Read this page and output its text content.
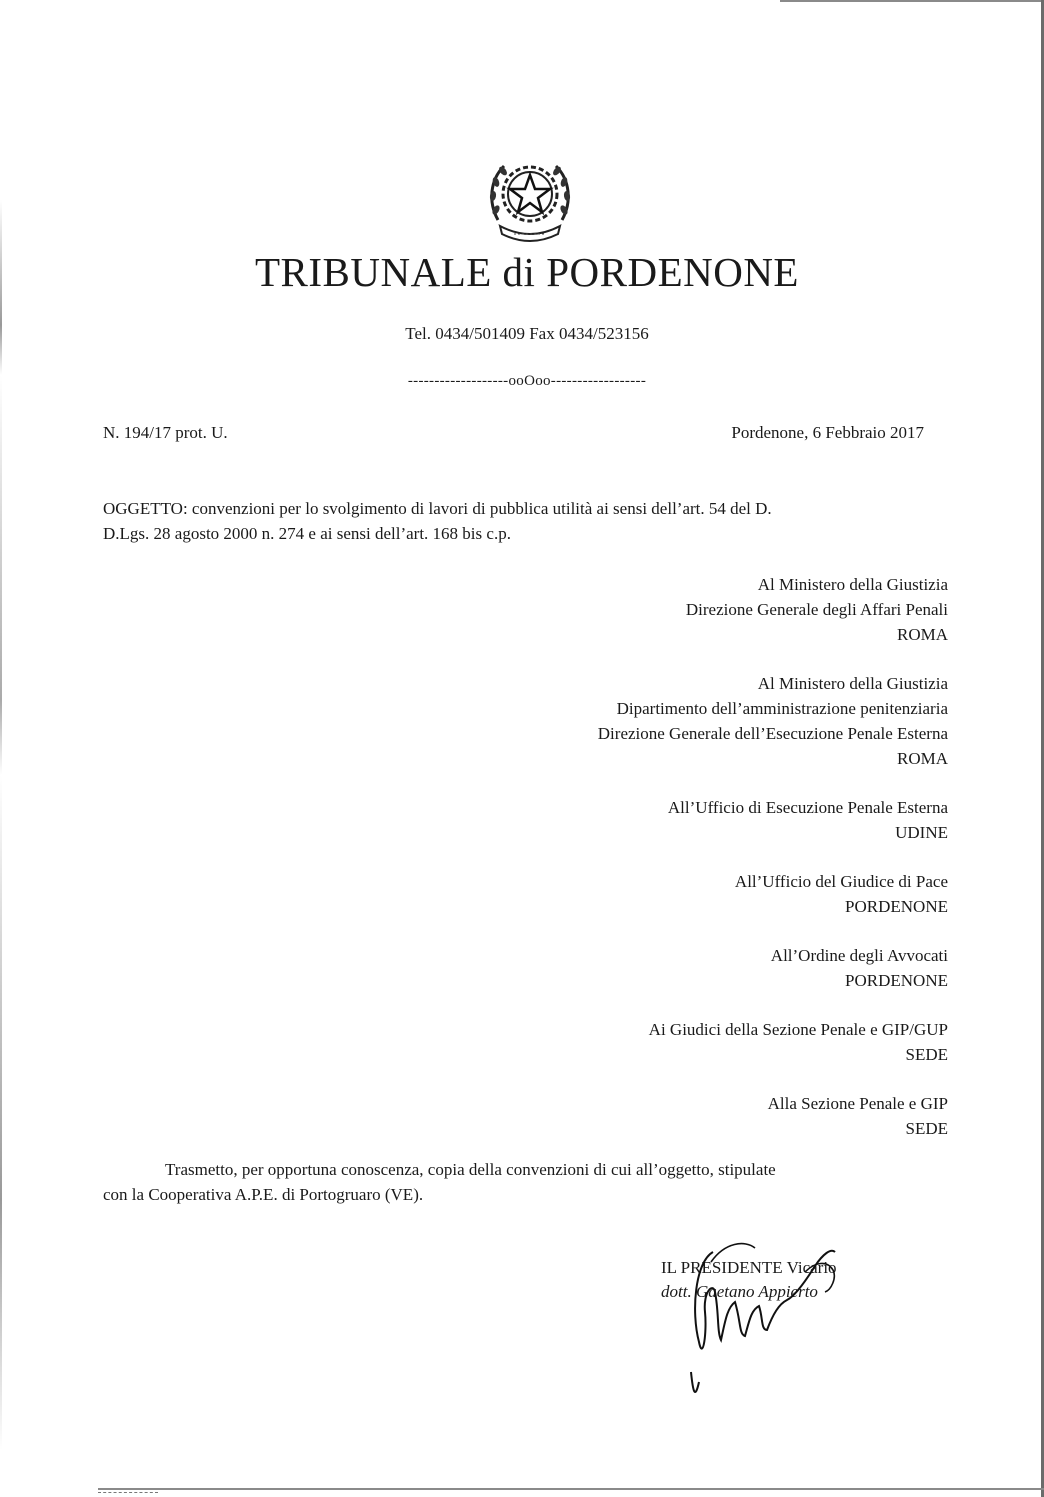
TRIBUNALE di PORDENONE
Tel. 0434/501409 Fax 0434/523156
-------------------ooOoo------------------
N. 194/17 prot. U.	Pordenone, 6 Febbraio 2017
OGGETTO: convenzioni per lo svolgimento di lavori di pubblica utilità ai sensi dell’art. 54 del D.
D.Lgs. 28 agosto 2000 n. 274 e ai sensi dell’art. 168 bis c.p.
Al Ministero della Giustizia
Direzione Generale degli Affari Penali
ROMA
Al Ministero della Giustizia
Dipartimento dell’amministrazione penitenziaria
Direzione Generale dell’Esecuzione Penale Esterna
ROMA
All’Ufficio di Esecuzione Penale Esterna
UDINE
All’Ufficio del Giudice di Pace
PORDENONE
All’Ordine degli Avvocati
PORDENONE
Ai Giudici della Sezione Penale e GIP/GUP
SEDE
Alla Sezione Penale e GIP
SEDE
Trasmetto, per opportuna conoscenza, copia della convenzioni di cui all’oggetto, stipulate
con la Cooperativa A.P.E. di Portogruaro (VE).
IL PRESIDENTE Vicario
dott. Gaetano Appierto
